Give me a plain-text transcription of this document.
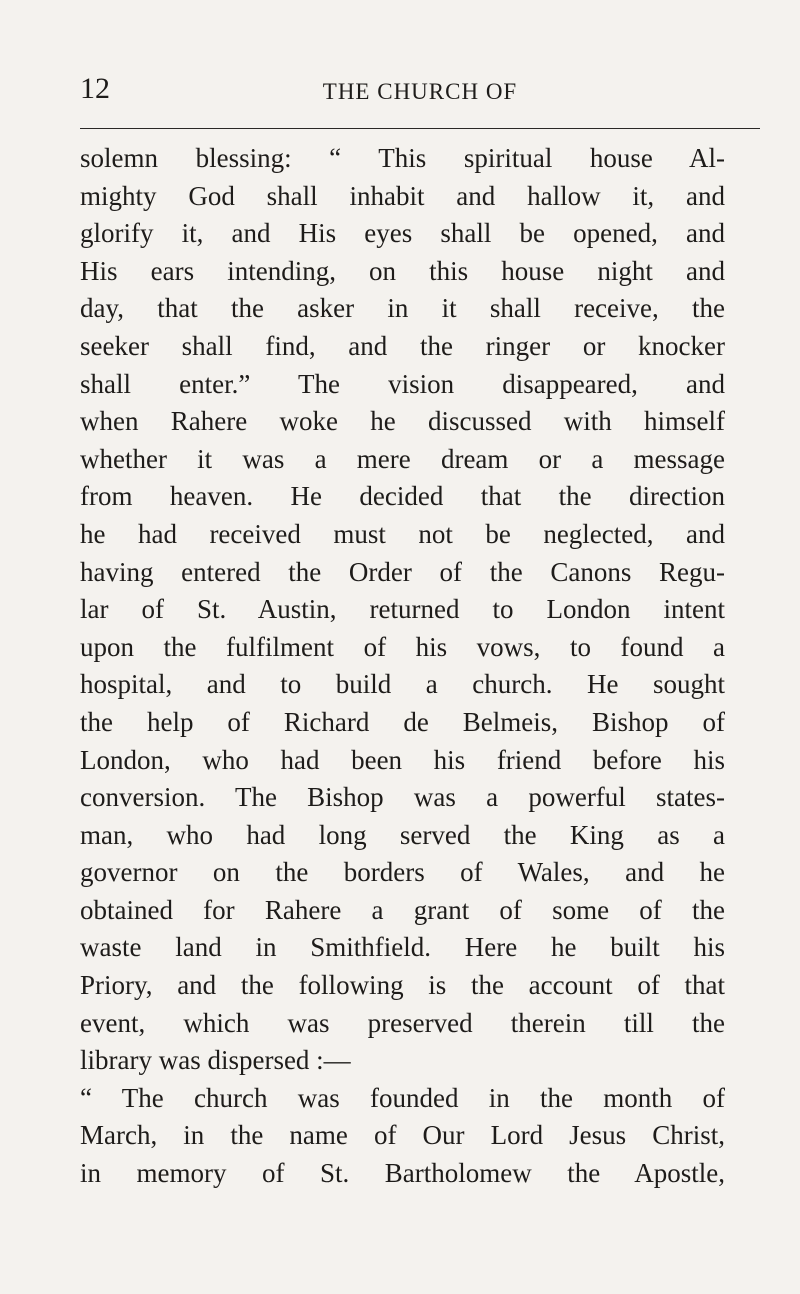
12	THE CHURCH OF
solemn blessing: “ This spiritual house Al-
mighty God shall inhabit and hallow it, and
glorify it, and His eyes shall be opened, and
His ears intending, on this house night and
day, that the asker in it shall receive, the
seeker shall find, and the ringer or knocker
shall enter.” The vision disappeared, and
when Rahere woke he discussed with himself
whether it was a mere dream or a message
from heaven. He decided that the direction
he had received must not be neglected, and
having entered the Order of the Canons Regu-
lar of St. Austin, returned to London intent
upon the fulfilment of his vows, to found a
hospital, and to build a church. He sought
the help of Richard de Belmeis, Bishop of
London, who had been his friend before his
conversion. The Bishop was a powerful states-
man, who had long served the King as a
governor on the borders of Wales, and he
obtained for Rahere a grant of some of the
waste land in Smithfield. Here he built his
Priory, and the following is the account of that
event, which was preserved therein till the
library was dispersed :—
“ The church was founded in the month of
March, in the name of Our Lord Jesus Christ,
in memory of St. Bartholomew the Apostle,
